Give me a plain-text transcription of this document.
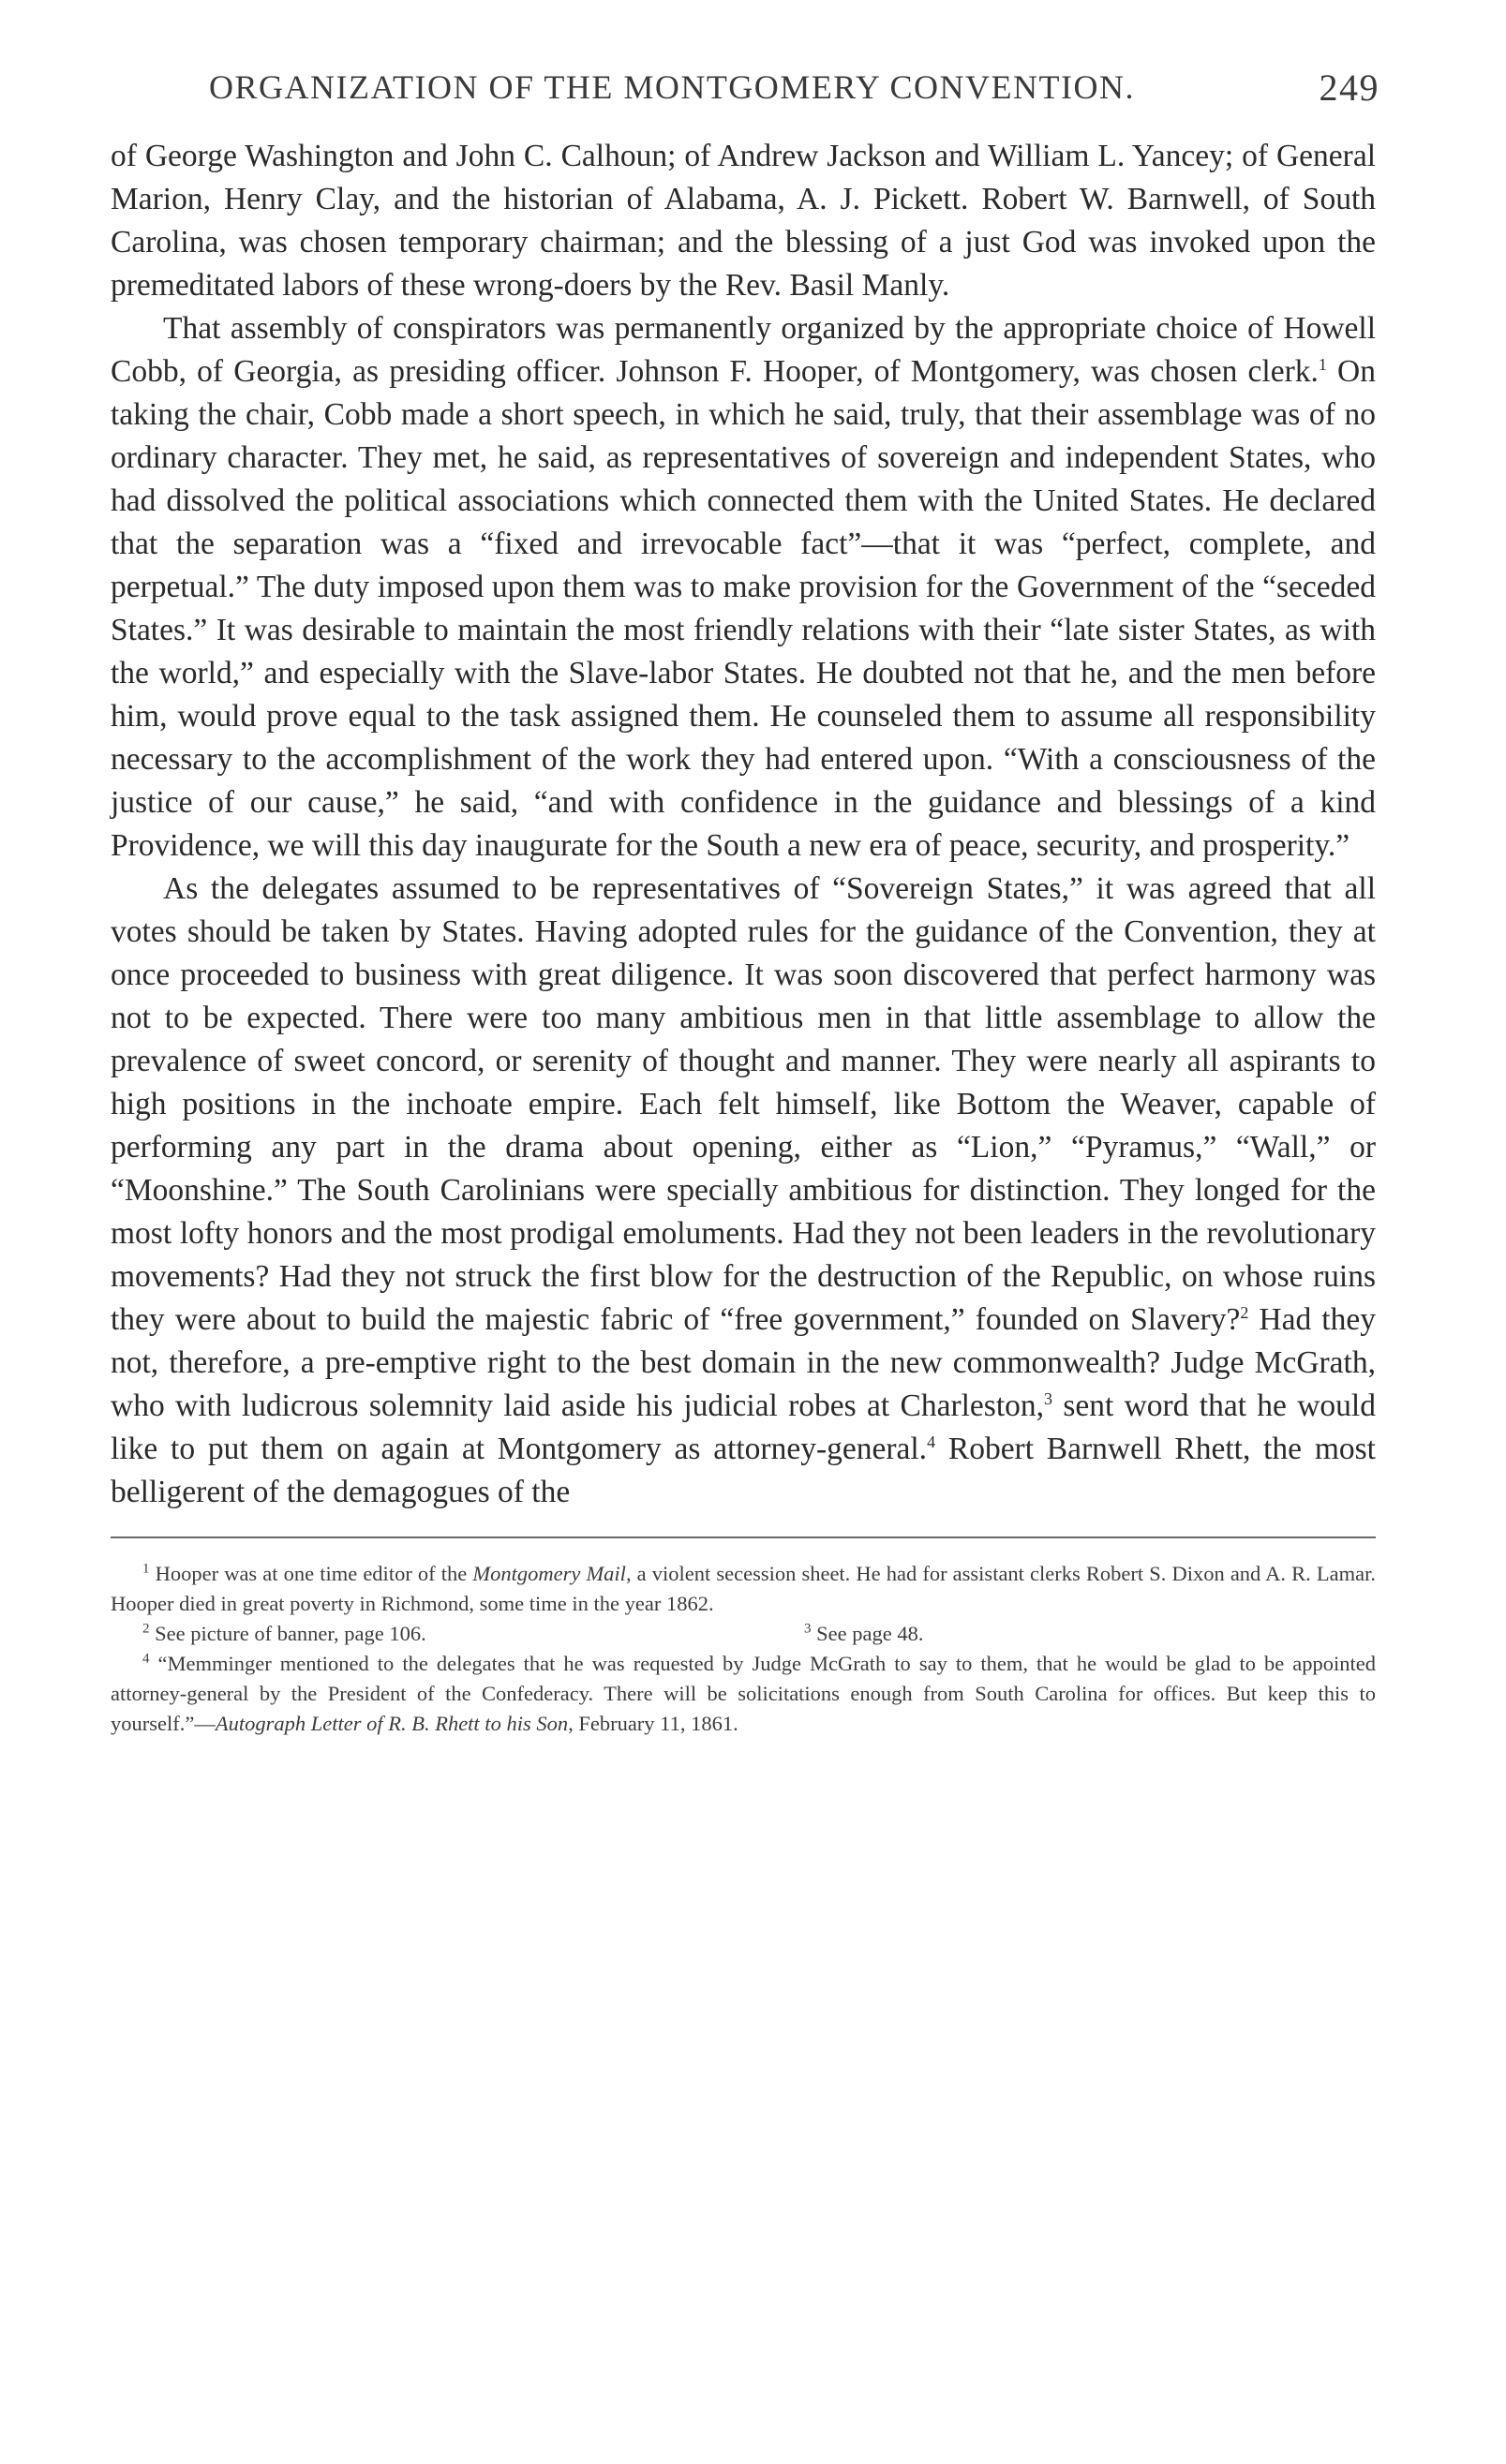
ORGANIZATION OF THE MONTGOMERY CONVENTION.	249

of George Washington and John C. Calhoun; of Andrew Jackson and William L. Yancey; of General Marion, Henry Clay, and the historian of Alabama, A. J. Pickett. Robert W. Barnwell, of South Carolina, was chosen temporary chairman; and the blessing of a just God was invoked upon the premeditated labors of these wrong-doers by the Rev. Basil Manly.

That assembly of conspirators was permanently organized by the appropriate choice of Howell Cobb, of Georgia, as presiding officer. Johnson F. Hooper, of Montgomery, was chosen clerk.$^1$ On taking the chair, Cobb made a short speech, in which he said, truly, that their assemblage was of no ordinary character. They met, he said, as representatives of sovereign and independent States, who had dissolved the political associations which connected them with the United States. He declared that the separation was a “fixed and irrevocable fact”—that it was “perfect, complete, and perpetual.” The duty imposed upon them was to make provision for the Government of the “seceded States.” It was desirable to maintain the most friendly relations with their “late sister States, as with the world,” and especially with the Slave-labor States. He doubted not that he, and the men before him, would prove equal to the task assigned them. He counseled them to assume all responsibility necessary to the accomplishment of the work they had entered upon. “With a consciousness of the justice of our cause,” he said, “and with confidence in the guidance and blessings of a kind Providence, we will this day inaugurate for the South a new era of peace, security, and prosperity.”

As the delegates assumed to be representatives of “Sovereign States,” it was agreed that all votes should be taken by States. Having adopted rules for the guidance of the Convention, they at once proceeded to business with great diligence. It was soon discovered that perfect harmony was not to be expected. There were too many ambitious men in that little assemblage to allow the prevalence of sweet concord, or serenity of thought and manner. They were nearly all aspirants to high positions in the inchoate empire. Each felt himself, like Bottom the Weaver, capable of performing any part in the drama about opening, either as “Lion,” “Pyramus,” “Wall,” or “Moonshine.” The South Carolinians were specially ambitious for distinction. They longed for the most lofty honors and the most prodigal emoluments. Had they not been leaders in the revolutionary movements? Had they not struck the first blow for the destruction of the Republic, on whose ruins they were about to build the majestic fabric of “free government,” founded on Slavery?$^2$ Had they not, therefore, a pre-emptive right to the best domain in the new commonwealth? Judge McGrath, who with ludicrous solemnity laid aside his judicial robes at Charleston,$^3$ sent word that he would like to put them on again at Montgomery as attorney-general.$^4$ Robert Barnwell Rhett, the most belligerent of the demagogues of the

$^1$ Hooper was at one time editor of the Montgomery Mail, a violent secession sheet. He had for assistant clerks Robert S. Dixon and A. R. Lamar. Hooper died in great poverty in Richmond, some time in the year 1862.

$^2$ See picture of banner, page 106.	$^3$ See page 48.

$^4$ “Memminger mentioned to the delegates that he was requested by Judge McGrath to say to them, that he would be glad to be appointed attorney-general by the President of the Confederacy. There will be solicitations enough from South Carolina for offices. But keep this to yourself.”—Autograph Letter of R. B. Rhett to his Son, February 11, 1861.
